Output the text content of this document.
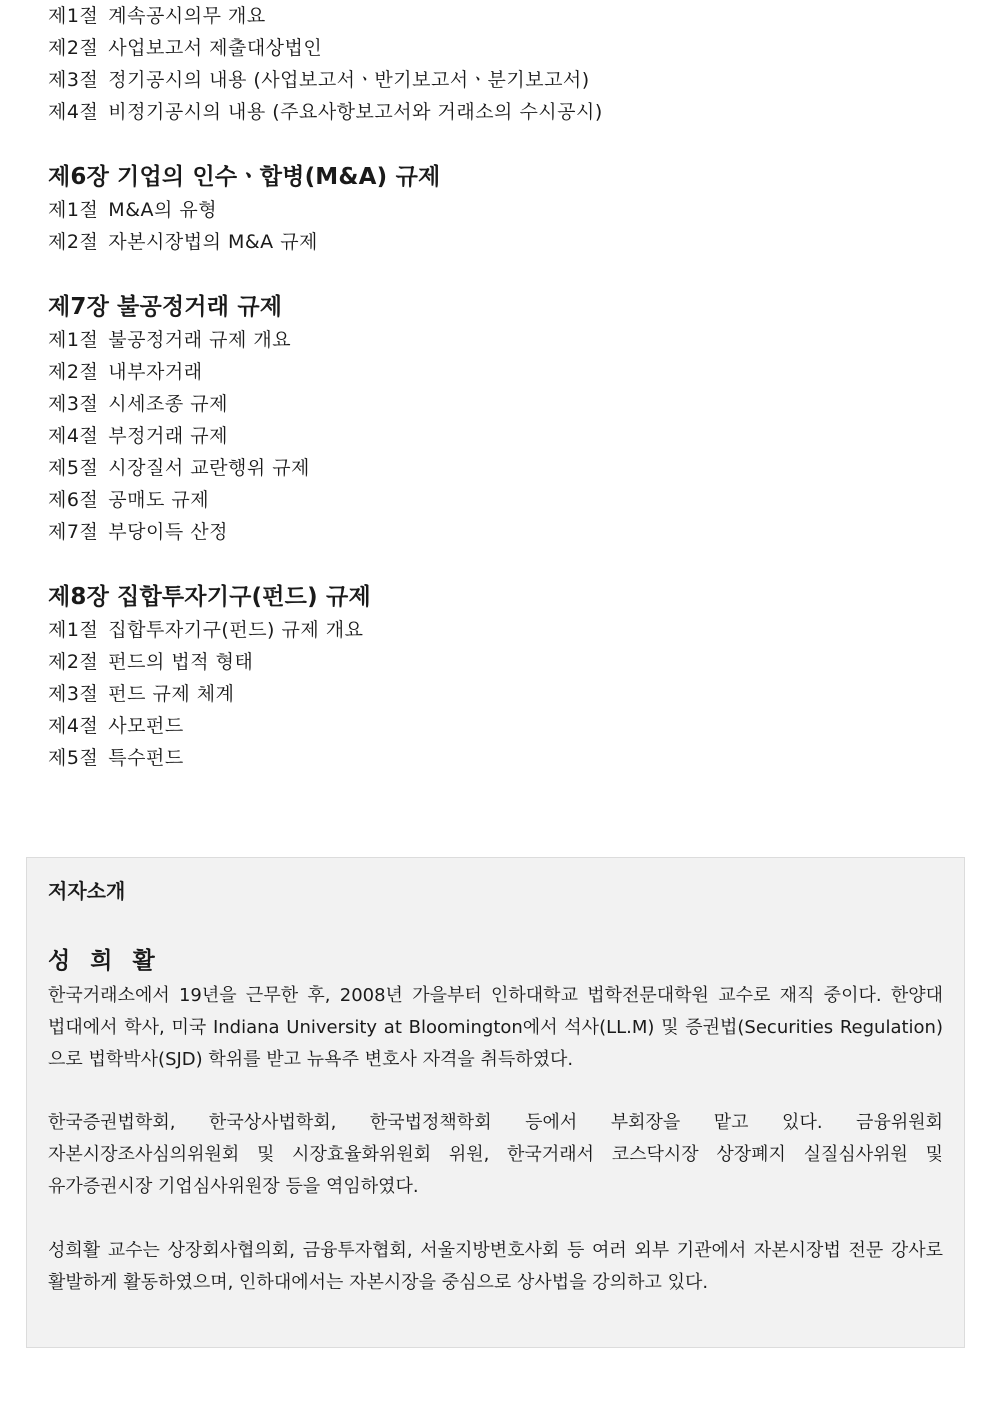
제1절 계속공시의무 개요
제2절 사업보고서 제출대상법인
제3절 정기공시의 내용 (사업보고서ㆍ반기보고서ㆍ분기보고서)
제4절 비정기공시의 내용 (주요사항보고서와 거래소의 수시공시)
제6장 기업의 인수ㆍ합병(M&A) 규제
제1절 M&A의 유형
제2절 자본시장법의 M&A 규제
제7장 불공정거래 규제
제1절 불공정거래 규제 개요
제2절 내부자거래
제3절 시세조종 규제
제4절 부정거래 규제
제5절 시장질서 교란행위 규제
제6절 공매도 규제
제7절 부당이득 산정
제8장 집합투자기구(펀드) 규제
제1절 집합투자기구(펀드) 규제 개요
제2절 펀드의 법적 형태
제3절 펀드 규제 체계
제4절 사모펀드
제5절 특수펀드
저자소개
성 희 활

한국거래소에서 19년을 근무한 후, 2008년 가을부터 인하대학교 법학전문대학원 교수로 재직 중이다. 한양대 법대에서 학사, 미국 Indiana University at Bloomington에서 석사(LL.M) 및 증권법(Securities Regulation)으로 법학박사(SJD) 학위를 받고 뉴욕주 변호사 자격을 취득하였다.

한국증권법학회, 한국상사법학회, 한국법정책학회 등에서 부회장을 맡고 있다. 금융위원회 자본시장조사심의위원회 및 시장효율화위원회 위원, 한국거래서 코스닥시장 상장폐지 실질심사위원 및 유가증권시장 기업심사위원장 등을 역임하였다.

성희활 교수는 상장회사협의회, 금융투자협회, 서울지방변호사회 등 여러 외부 기관에서 자본시장법 전문 강사로 활발하게 활동하였으며, 인하대에서는 자본시장을 중심으로 상사법을 강의하고 있다.
